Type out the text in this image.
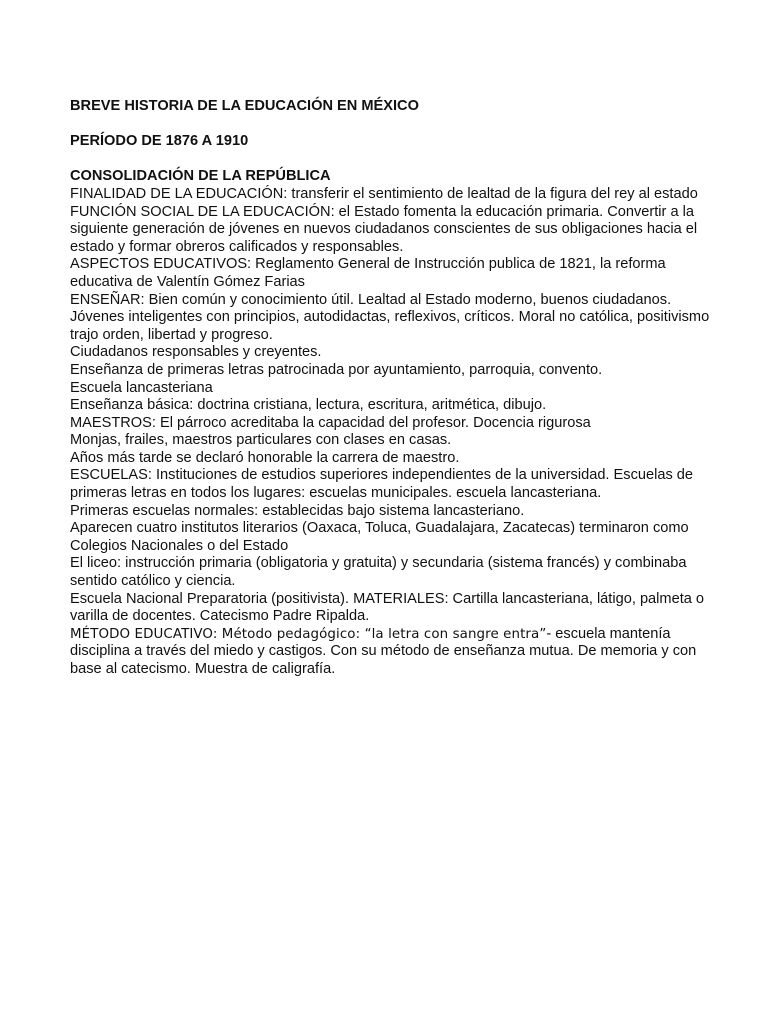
BREVE HISTORIA DE LA EDUCACIÓN EN MÉXICO

PERÍODO DE 1876 A 1910

CONSOLIDACIÓN DE LA REPÚBLICA

FINALIDAD DE LA EDUCACIÓN: transferir el sentimiento de lealtad de la figura del rey al estado

FUNCIÓN SOCIAL DE LA EDUCACIÓN: el Estado fomenta la educación primaria. Convertir a la siguiente generación de jóvenes en nuevos ciudadanos conscientes de sus obligaciones hacia el estado y formar obreros calificados y responsables.

ASPECTOS EDUCATIVOS: Reglamento General de Instrucción publica de 1821, la reforma educativa de Valentín Gómez Farias

ENSEÑAR: Bien común y conocimiento útil. Lealtad al Estado moderno, buenos ciudadanos. Jóvenes inteligentes con principios, autodidactas, reflexivos, críticos. Moral no católica, positivismo trajo orden, libertad y progreso.

Ciudadanos responsables y creyentes.

Enseñanza de primeras letras patrocinada por ayuntamiento, parroquia, convento.

Escuela lancasteriana

Enseñanza básica: doctrina cristiana, lectura, escritura, aritmética, dibujo.

MAESTROS: El párroco acreditaba la capacidad del profesor. Docencia rigurosa

Monjas, frailes, maestros particulares con clases en casas.

Años más tarde se declaró honorable la carrera de maestro.

ESCUELAS: Instituciones de estudios superiores independientes de la universidad. Escuelas de primeras letras en todos los lugares: escuelas municipales. escuela lancasteriana.

Primeras escuelas normales: establecidas bajo sistema lancasteriano.

Aparecen cuatro institutos literarios (Oaxaca, Toluca, Guadalajara, Zacatecas) terminaron como Colegios Nacionales o del Estado

El liceo: instrucción primaria (obligatoria y gratuita) y secundaria (sistema francés) y combinaba sentido católico y ciencia.

Escuela Nacional Preparatoria (positivista). MATERIALES: Cartilla lancasteriana, látigo, palmeta o varilla de docentes. Catecismo Padre Ripalda.

MÉTODO EDUCATIVO: Método pedagógico: “la letra con sangre entra”- escuela mantenía disciplina a través del miedo y castigos. Con su método de enseñanza mutua. De memoria y con base al catecismo. Muestra de caligrafía.
